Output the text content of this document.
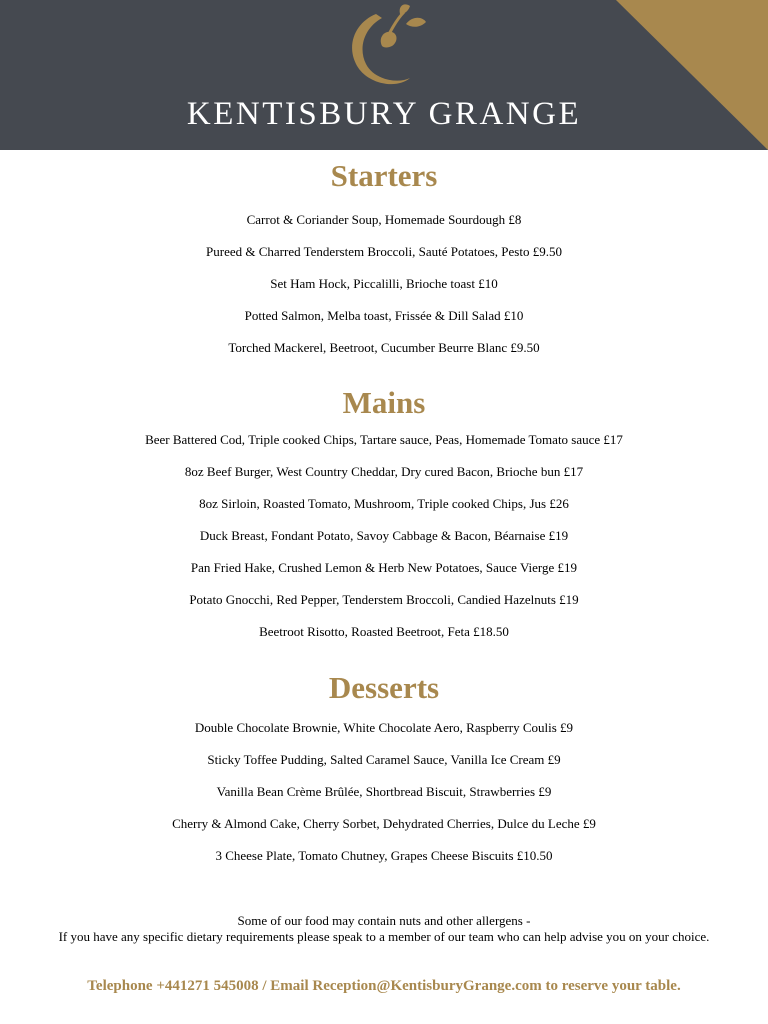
KENTISBURY GRANGE
Starters
Carrot & Coriander Soup, Homemade Sourdough £8
Pureed & Charred Tenderstem Broccoli, Sauté Potatoes, Pesto £9.50
Set Ham Hock, Piccalilli, Brioche toast £10
Potted Salmon, Melba toast, Frissée & Dill Salad £10
Torched Mackerel, Beetroot, Cucumber Beurre Blanc £9.50
Mains
Beer Battered Cod, Triple cooked Chips, Tartare sauce, Peas, Homemade Tomato sauce £17
8oz Beef Burger, West Country Cheddar, Dry cured Bacon, Brioche bun £17
8oz Sirloin, Roasted Tomato, Mushroom, Triple cooked Chips, Jus £26
Duck Breast, Fondant Potato, Savoy Cabbage & Bacon, Béarnaise £19
Pan Fried Hake, Crushed Lemon & Herb New Potatoes, Sauce Vierge £19
Potato Gnocchi, Red Pepper, Tenderstem Broccoli, Candied Hazelnuts £19
Beetroot Risotto, Roasted Beetroot, Feta £18.50
Desserts
Double Chocolate Brownie, White Chocolate Aero, Raspberry Coulis £9
Sticky Toffee Pudding, Salted Caramel Sauce, Vanilla Ice Cream £9
Vanilla Bean Crème Brûlée, Shortbread Biscuit, Strawberries £9
Cherry & Almond Cake, Cherry Sorbet, Dehydrated Cherries, Dulce du Leche £9
3 Cheese Plate, Tomato Chutney, Grapes Cheese Biscuits £10.50
Some of our food may contain nuts and other allergens -
If you have any specific dietary requirements please speak to a member of our team who can help advise you on your choice.
Telephone +441271 545008 / Email Reception@KentisburyGrange.com to reserve your table.
